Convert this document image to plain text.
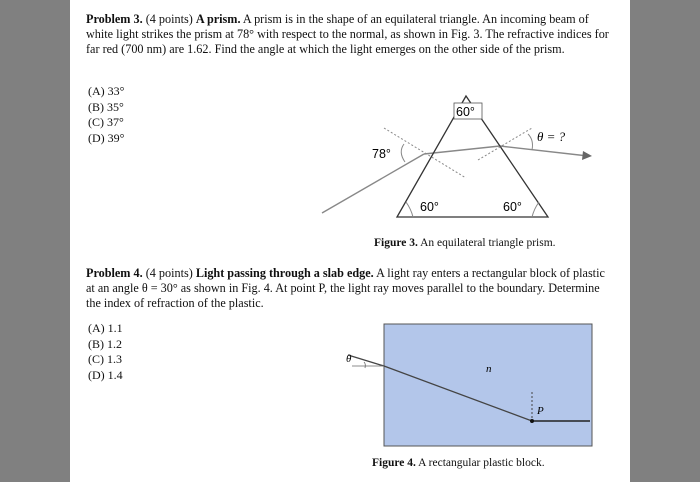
Problem 3. (4 points) A prism. A prism is in the shape of an equilateral triangle. An incoming beam of white light strikes the prism at 78° with respect to the normal, as shown in Fig. 3. The refractive indices for far red (700 nm) are 1.62. Find the angle at which the light emerges on the other side of the prism.
(A) 33°
(B) 35°
(C) 37°
(D) 39°
60°
78°
θ = ?
60°	60°
Figure 3. An equilateral triangle prism.
Problem 4. (4 points) Light passing through a slab edge. A light ray enters a rectangular block of plastic at an angle θ = 30° as shown in Fig. 4. At point P, the light ray moves parallel to the boundary. Determine the index of refraction of the plastic.
(A) 1.1
(B) 1.2
(C) 1.3
(D) 1.4
θ
n
P
Figure 4. A rectangular plastic block.
